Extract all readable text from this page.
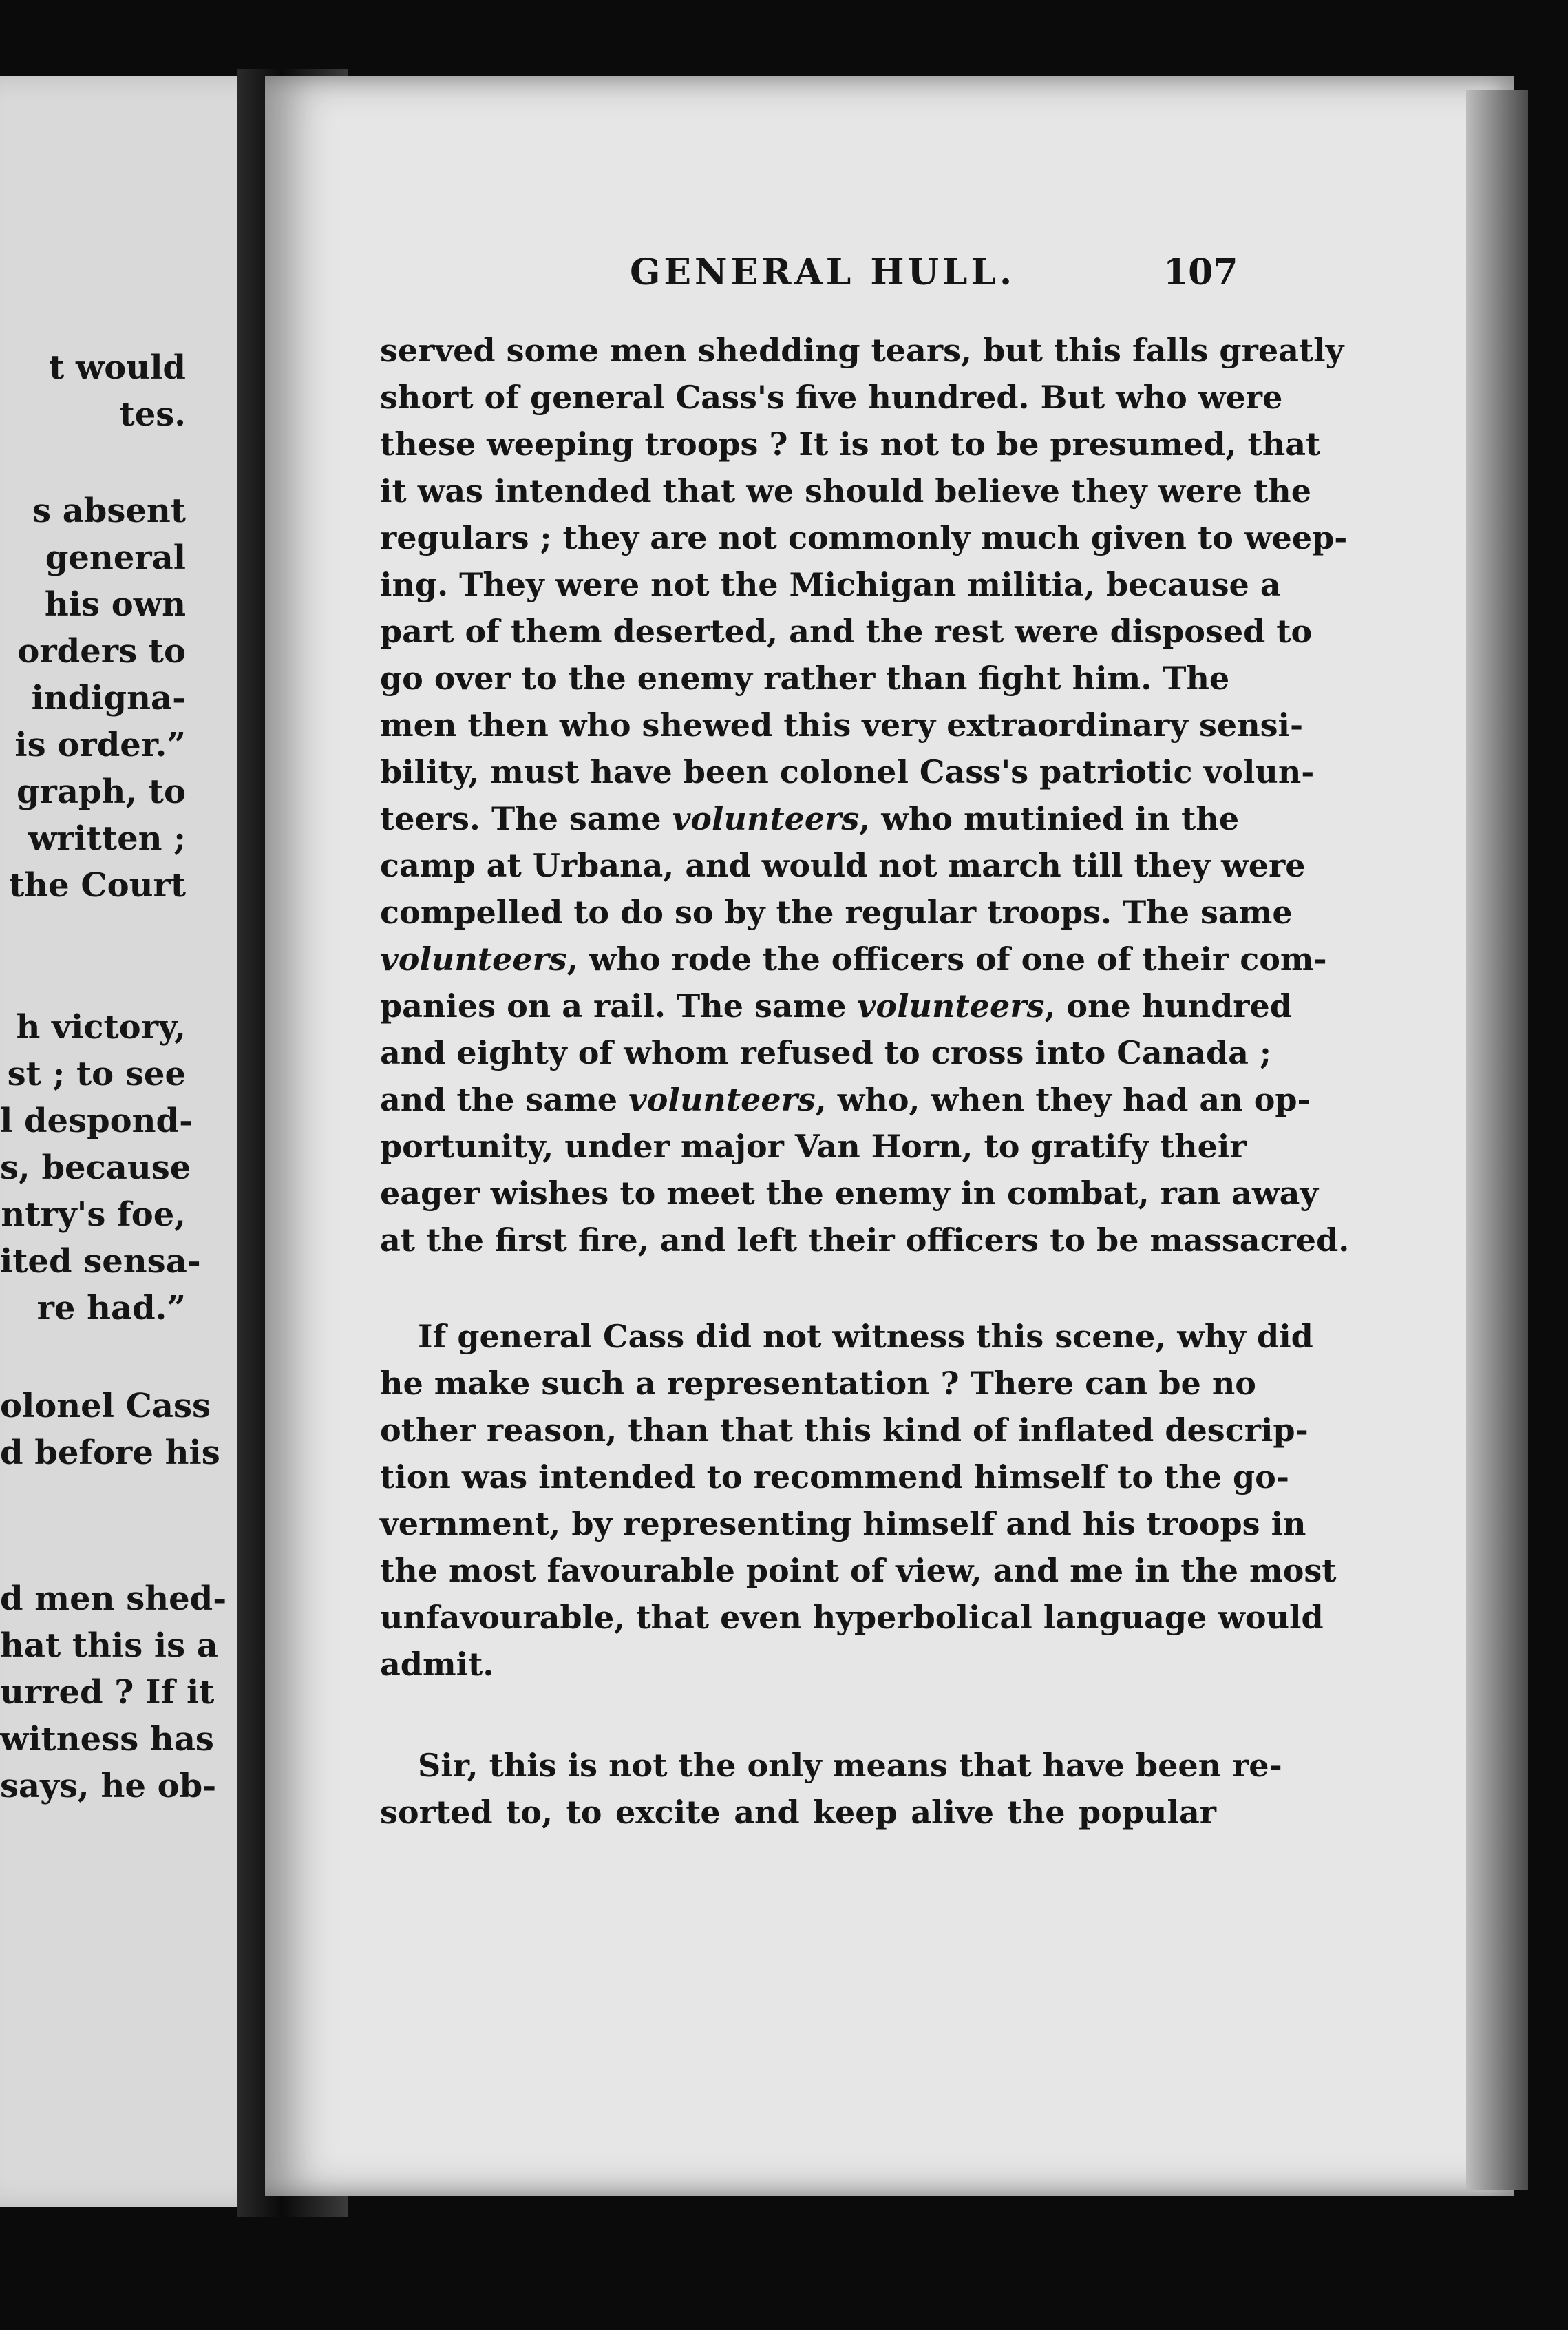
t would
tes.
s absent
general
his own
orders to
indigna-
is order.”
graph, to
written ;
the Court
h victory,
st ; to see
l despond-
s, because
ntry's foe,
ited sensa-
re had.”
olonel Cass
d before his
d men shed-
hat this is a
urred ? If it
witness has
says, he ob-
GENERAL HULL.	107
served some men shedding tears, but this falls greatly
short of general Cass's five hundred. But who were
these weeping troops ? It is not to be presumed, that
it was intended that we should believe they were the
regulars ; they are not commonly much given to weep-
ing. They were not the Michigan militia, because a
part of them deserted, and the rest were disposed to
go over to the enemy rather than fight him. The
men then who shewed this very extraordinary sensi-
bility, must have been colonel Cass's patriotic volun-
teers. The same volunteers, who mutinied in the
camp at Urbana, and would not march till they were
compelled to do so by the regular troops. The same
volunteers, who rode the officers of one of their com-
panies on a rail. The same volunteers, one hundred
and eighty of whom refused to cross into Canada ;
and the same volunteers, who, when they had an op-
portunity, under major Van Horn, to gratify their
eager wishes to meet the enemy in combat, ran away
at the first fire, and left their officers to be massacred.
If general Cass did not witness this scene, why did
he make such a representation ? There can be no
other reason, than that this kind of inflated descrip-
tion was intended to recommend himself to the go-
vernment, by representing himself and his troops in
the most favourable point of view, and me in the most
unfavourable, that even hyperbolical language would
admit.
Sir, this is not the only means that have been re-
sorted to, to excite and keep alive the popular
